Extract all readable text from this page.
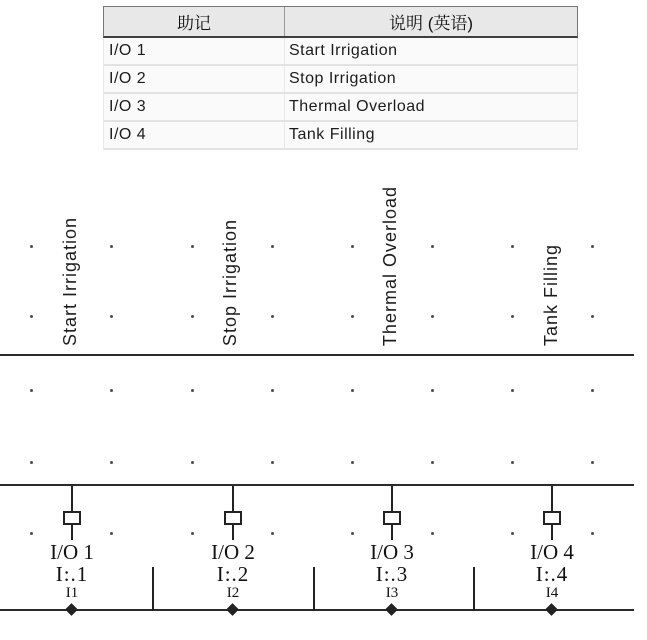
助记	说明 (英语)
I/O 1	Start Irrigation
I/O 2	Stop Irrigation
I/O 3	Thermal Overload
I/O 4	Tank Filling
Start Irrigation	Stop Irrigation	Thermal Overload	Tank Filling
I/O 1
I:.1
I1
I/O 2
I:.2
I2
I/O 3
I:.3
I3
I/O 4
I:.4
I4
